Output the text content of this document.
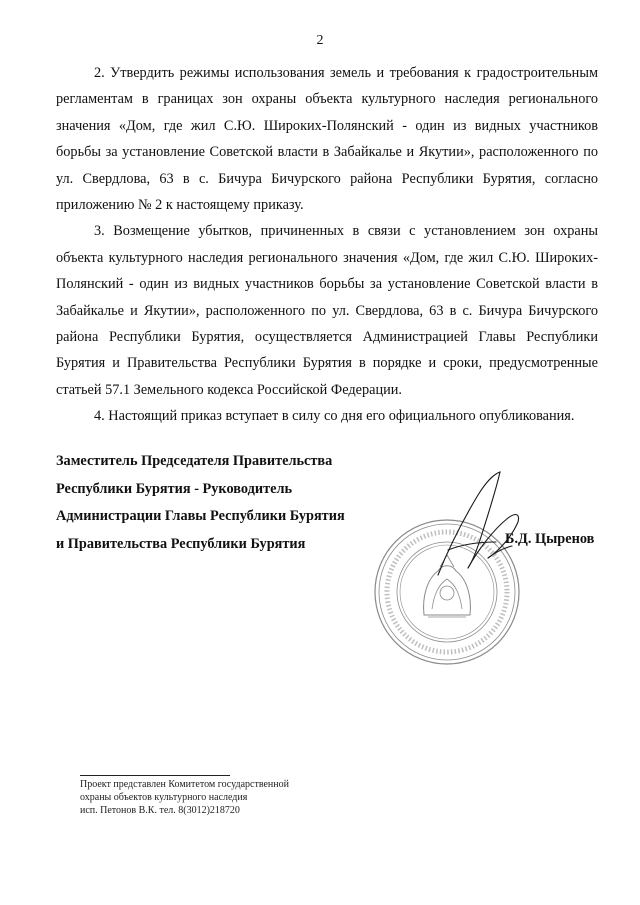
2

2. Утвердить режимы использования земель и требования к градостроительным регламентам в границах зон охраны объекта культурного наследия регионального значения «Дом, где жил С.Ю. Широких-Полянский - один из видных участников борьбы за установление Советской власти в Забайкалье и Якутии», расположенного по ул. Свердлова, 63 в с. Бичура Бичурского района Республики Бурятия, согласно приложению № 2 к настоящему приказу.

3. Возмещение убытков, причиненных в связи с установлением зон охраны объекта культурного наследия регионального значения «Дом, где жил С.Ю. Широких-Полянский - один из видных участников борьбы за установление Советской власти в Забайкалье и Якутии», расположенного по ул. Свердлова, 63 в с. Бичура Бичурского района Республики Бурятия, осуществляется Администрацией Главы Республики Бурятия и Правительства Республики Бурятия в порядке и сроки, предусмотренные статьей 57.1 Земельного кодекса Российской Федерации.

4. Настоящий приказ вступает в силу со дня его официального опубликования.

Заместитель Председателя Правительства
Республики Бурятия - Руководитель
Администрации Главы Республики Бурятия
и Правительства Республики Бурятия	Б.Д. Цыренов
Проект представлен Комитетом государственной
охраны объектов культурного наследия
исп. Петонов В.К. тел. 8(3012)218720
